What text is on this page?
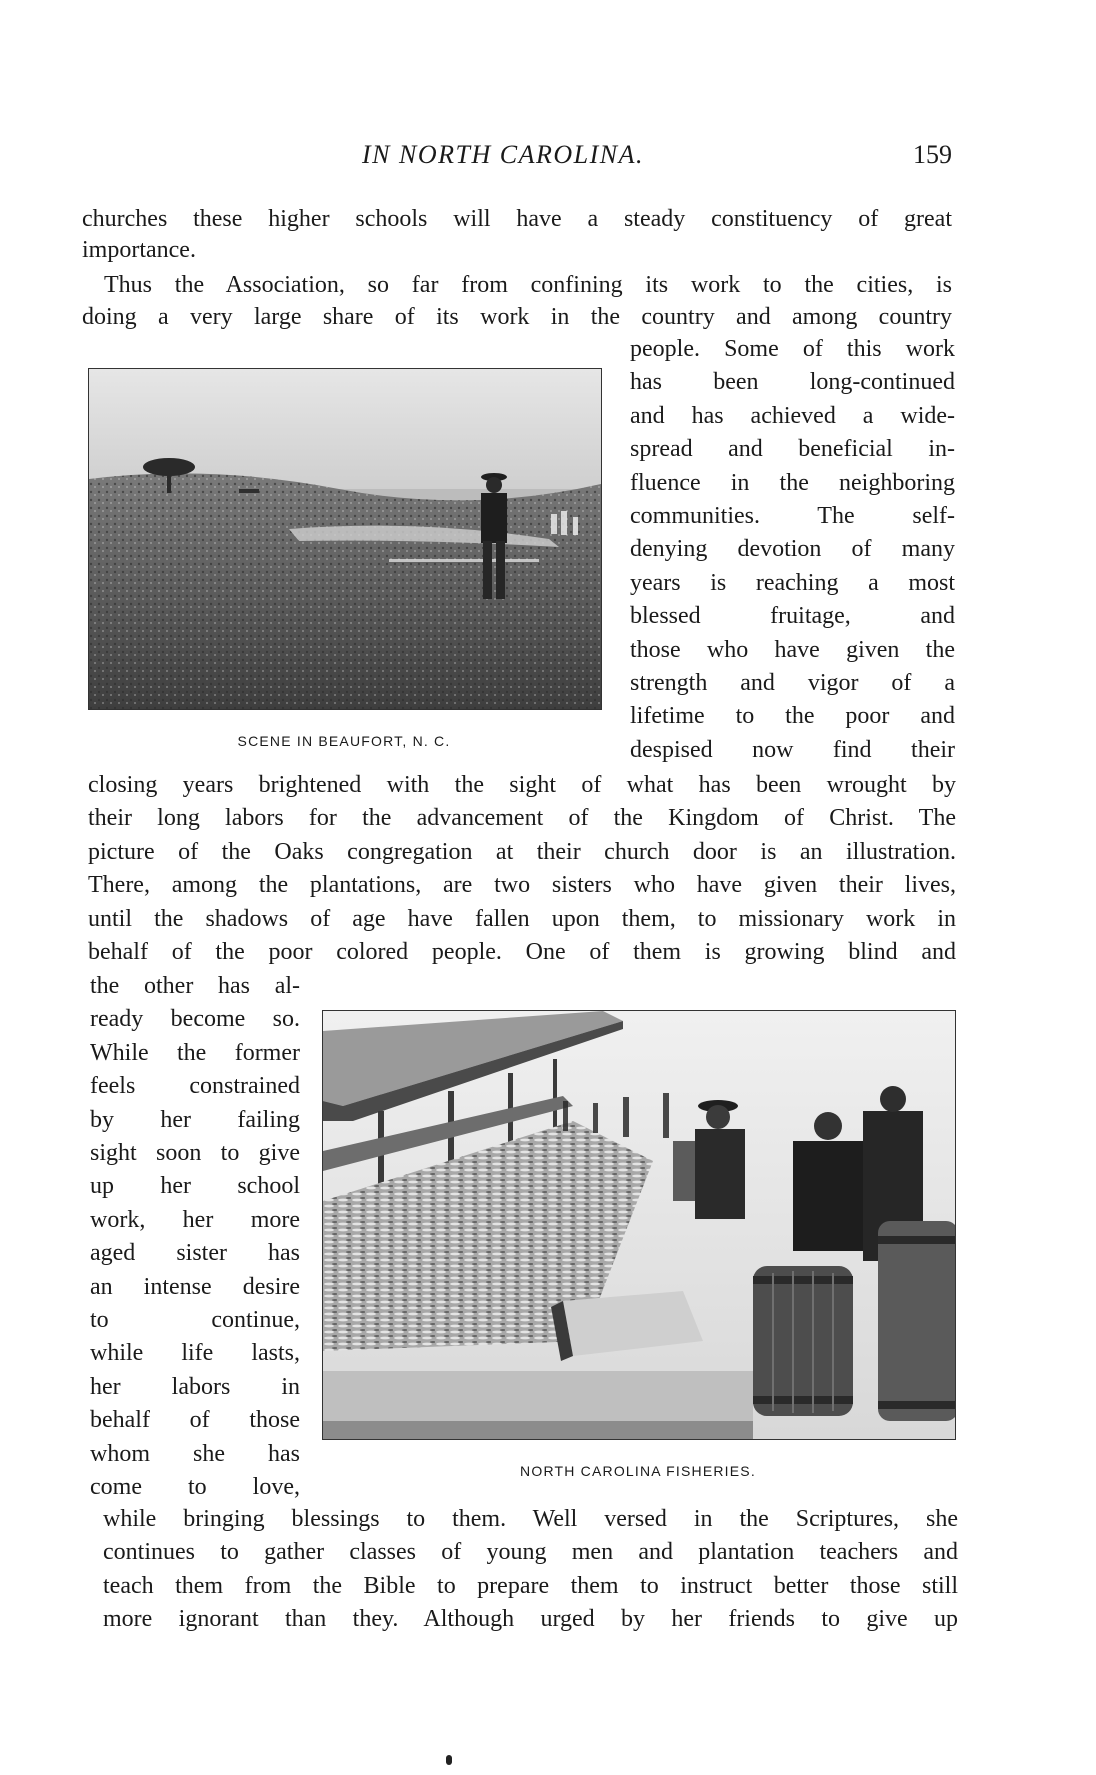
IN NORTH CAROLINA.	159
churches these higher schools will have a steady constituency of great
importance.
Thus the Association, so far from confining its work to the cities, is
doing a very large share of its work in the country and among country
people. Some of this work
has been long-continued
and has achieved a wide-
spread and beneficial in-
fluence in the neighboring
communities. The self-
denying devotion of many
years is reaching a most
blessed fruitage, and
those who have given the
strength and vigor of a
lifetime to the poor and
despised now find their
closing years brightened with the sight of what has been wrought by
their long labors for the advancement of the Kingdom of Christ. The
picture of the Oaks congregation at their church door is an illustration.
There, among the plantations, are two sisters who have given their lives,
until the shadows of age have fallen upon them, to missionary work in
behalf of the poor colored people. One of them is growing blind and
the other has al-
ready become so.
While the former
feels constrained
by her failing
sight soon to give
up her school
work, her more
aged sister has
an intense desire
to continue,
while life lasts,
her labors in
behalf of those
whom she has
come to love,
while bringing blessings to them. Well versed in the Scriptures, she
continues to gather classes of young men and plantation teachers and
teach them from the Bible to prepare them to instruct better those still
more ignorant than they. Although urged by her friends to give up
SCENE IN BEAUFORT, N. C.
NORTH CAROLINA FISHERIES.
